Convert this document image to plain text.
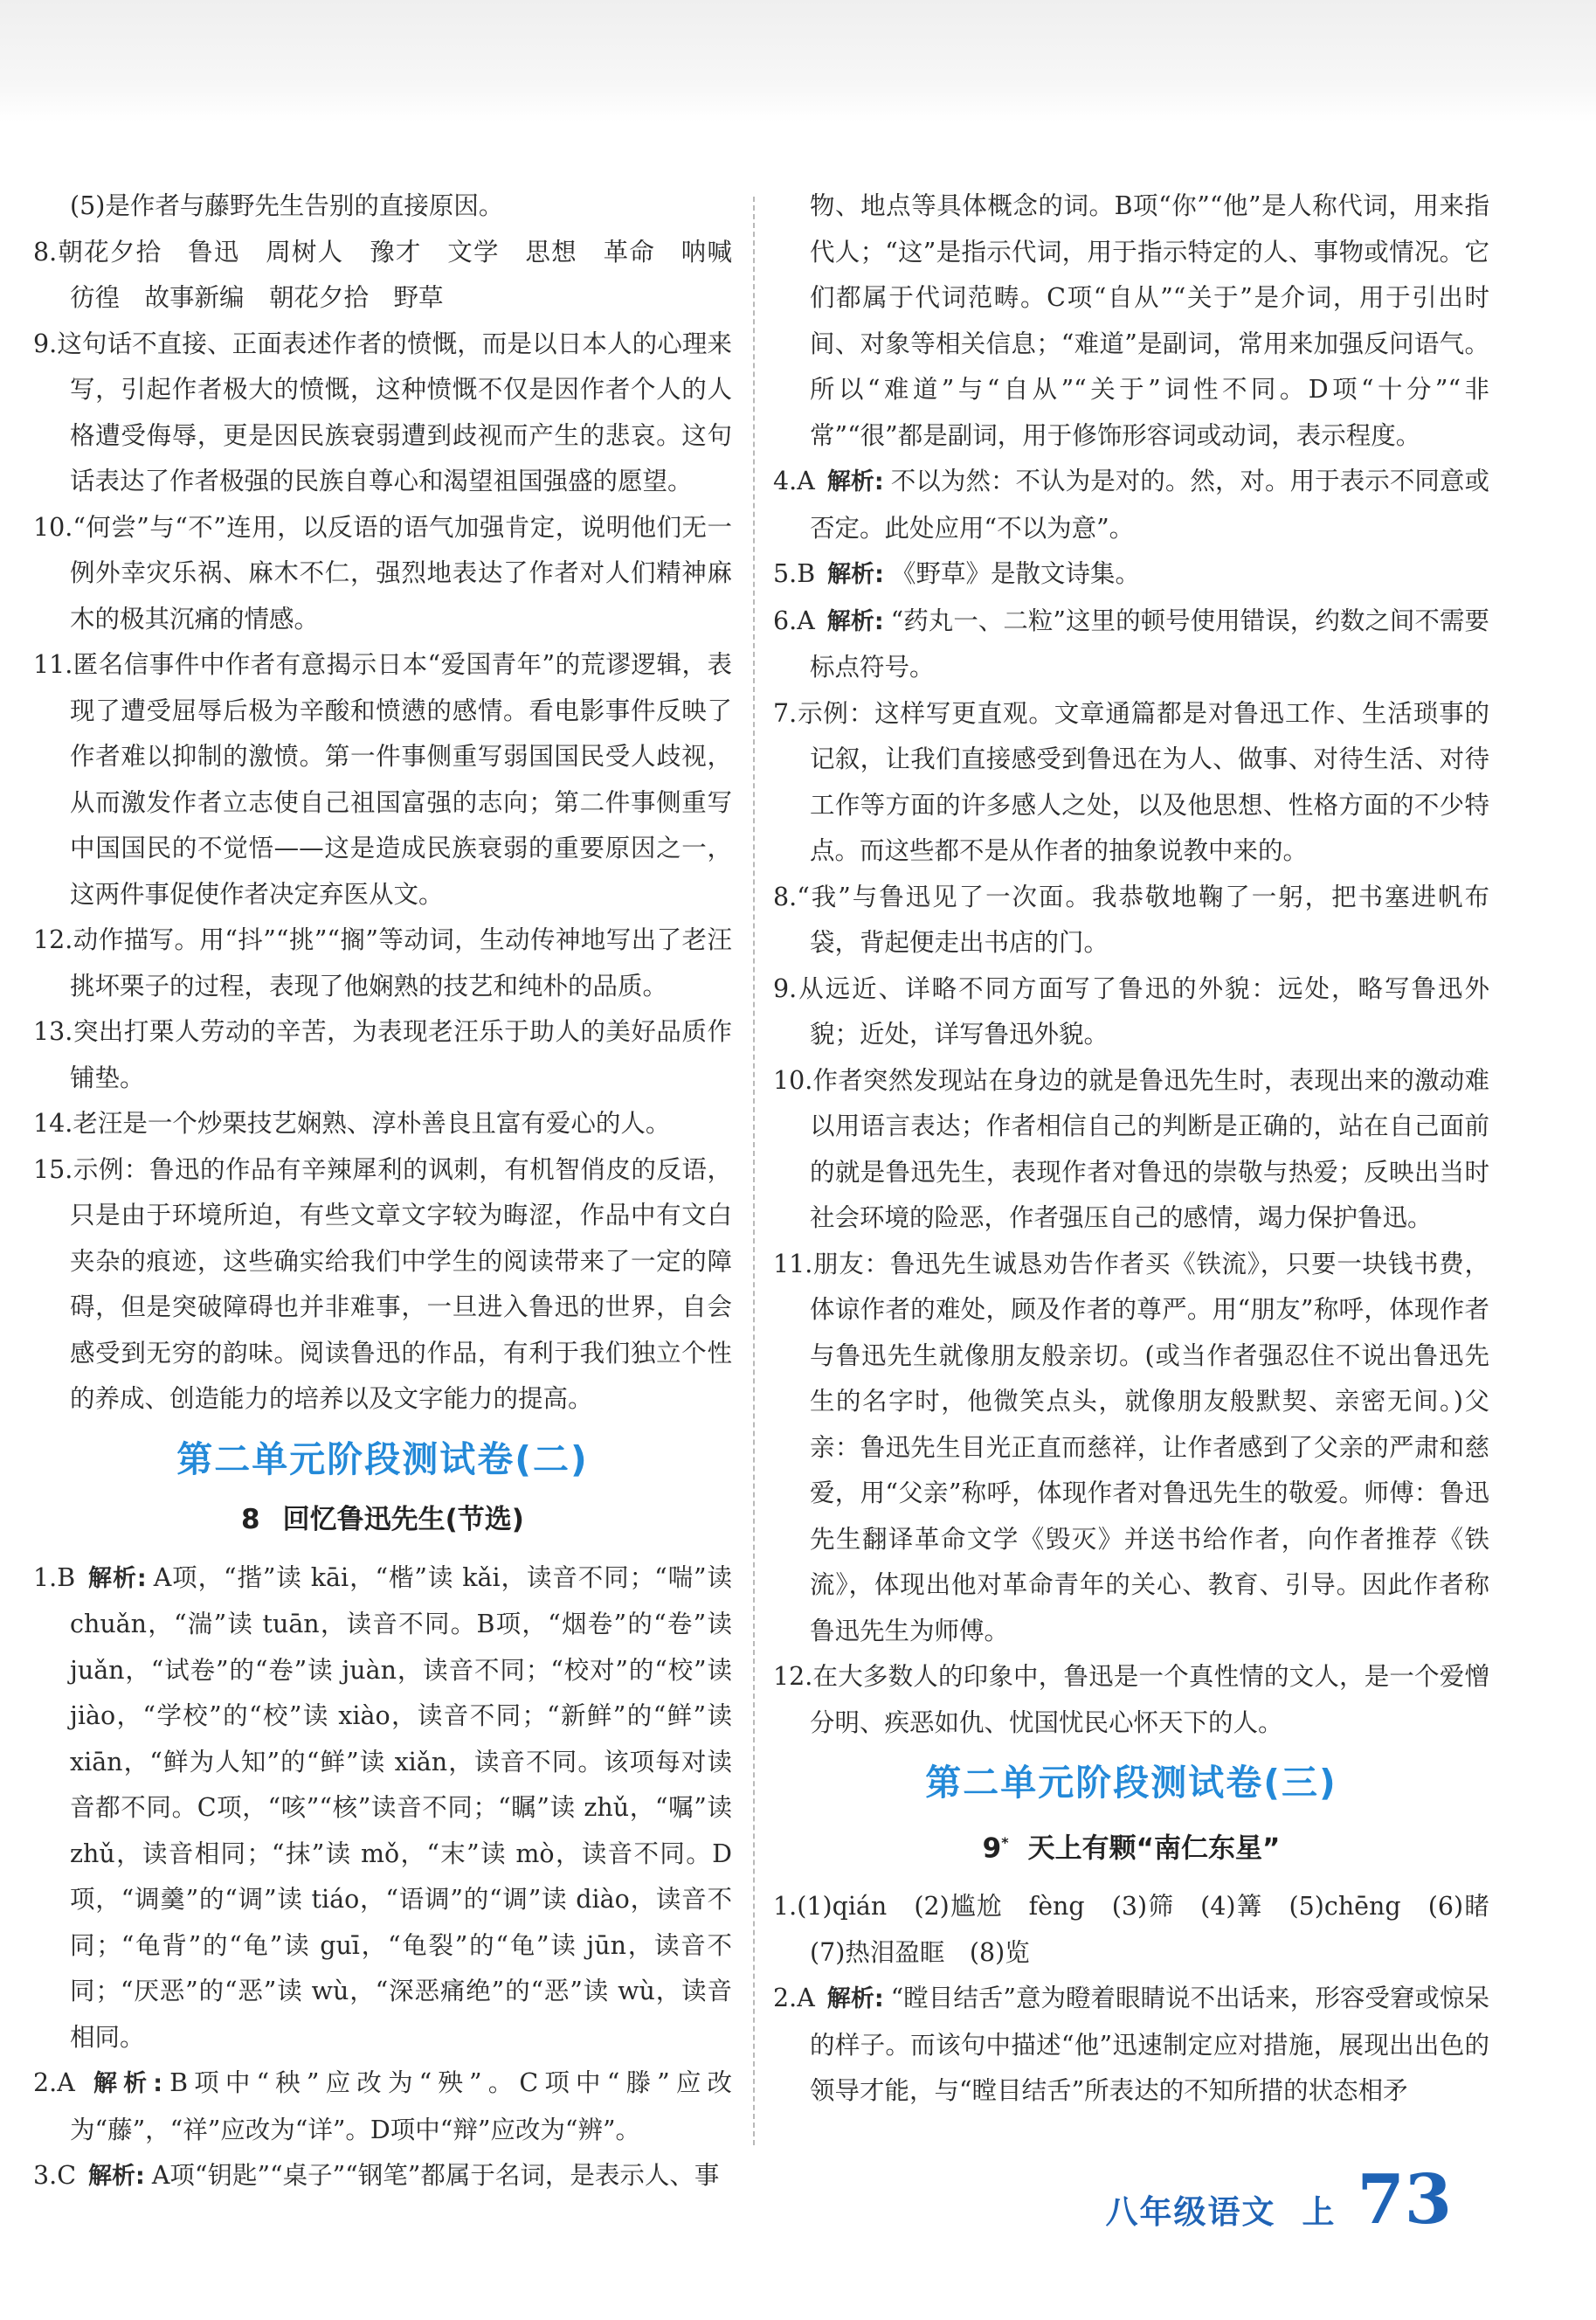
(5)是作者与藤野先生告别的直接原因。

8.朝花夕拾　鲁迅　周树人　豫才　文学　思想　革命　呐喊　彷徨　故事新编　朝花夕拾　野草

9.这句话不直接、正面表述作者的愤慨，而是以日本人的心理来写，引起作者极大的愤慨，这种愤慨不仅是因作者个人的人格遭受侮辱，更是因民族衰弱遭到歧视而产生的悲哀。这句话表达了作者极强的民族自尊心和渴望祖国强盛的愿望。

10.“何尝”与“不”连用，以反语的语气加强肯定，说明他们无一例外幸灾乐祸、麻木不仁，强烈地表达了作者对人们精神麻木的极其沉痛的情感。

11.匿名信事件中作者有意揭示日本“爱国青年”的荒谬逻辑，表现了遭受屈辱后极为辛酸和愤懑的感情。看电影事件反映了作者难以抑制的激愤。第一件事侧重写弱国国民受人歧视，从而激发作者立志使自己祖国富强的志向；第二件事侧重写中国国民的不觉悟——这是造成民族衰弱的重要原因之一，这两件事促使作者决定弃医从文。

12.动作描写。用“抖”“挑”“搁”等动词，生动传神地写出了老汪挑坏栗子的过程，表现了他娴熟的技艺和纯朴的品质。

13.突出打栗人劳动的辛苦，为表现老汪乐于助人的美好品质作铺垫。

14.老汪是一个炒栗技艺娴熟、淳朴善良且富有爱心的人。

15.示例：鲁迅的作品有辛辣犀利的讽刺，有机智俏皮的反语，只是由于环境所迫，有些文章文字较为晦涩，作品中有文白夹杂的痕迹，这些确实给我们中学生的阅读带来了一定的障碍，但是突破障碍也并非难事，一旦进入鲁迅的世界，自会感受到无穷的韵味。阅读鲁迅的作品，有利于我们独立个性的养成、创造能力的培养以及文字能力的提高。

第二单元阶段测试卷(二)
8 回忆鲁迅先生(节选)

1.B 解析: A项，“揩”读 kāi，“楷”读 kǎi，读音不同；“喘”读 chuǎn，“湍”读 tuān，读音不同。B项，“烟卷”的“卷”读 juǎn，“试卷”的“卷”读 juàn，读音不同；“校对”的“校”读 jiào，“学校”的“校”读 xiào，读音不同；“新鲜”的“鲜”读 xiān，“鲜为人知”的“鲜”读 xiǎn，读音不同。该项每对读音都不同。C项，“咳”“核”读音不同；“瞩”读 zhǔ，“嘱”读 zhǔ，读音相同；“抹”读 mǒ，“末”读 mò，读音不同。D项，“调羹”的“调”读 tiáo，“语调”的“调”读 diào，读音不同；“龟背”的“龟”读 guī，“龟裂”的“龟”读 jūn，读音不同；“厌恶”的“恶”读 wù，“深恶痛绝”的“恶”读 wù，读音相同。

2.A 解析: B项中“秧”应改为“殃”。C项中“滕”应改为“藤”，“祥”应改为“详”。D项中“辩”应改为“辨”。

3.C 解析: A项“钥匙”“桌子”“钢笔”都属于名词，是表示人、事

物、地点等具体概念的词。B项“你”“他”是人称代词，用来指代人；“这”是指示代词，用于指示特定的人、事物或情况。它们都属于代词范畴。C项“自从”“关于”是介词，用于引出时间、对象等相关信息；“难道”是副词，常用来加强反问语气。所以“难道”与“自从”“关于”词性不同。D项“十分”“非常”“很”都是副词，用于修饰形容词或动词，表示程度。

4.A 解析: 不以为然：不认为是对的。然，对。用于表示不同意或否定。此处应用“不以为意”。

5.B 解析: 《野草》是散文诗集。

6.A 解析: “药丸一、二粒”这里的顿号使用错误，约数之间不需要标点符号。

7.示例：这样写更直观。文章通篇都是对鲁迅工作、生活琐事的记叙，让我们直接感受到鲁迅在为人、做事、对待生活、对待工作等方面的许多感人之处，以及他思想、性格方面的不少特点。而这些都不是从作者的抽象说教中来的。

8.“我”与鲁迅见了一次面。我恭敬地鞠了一躬，把书塞进帆布袋，背起便走出书店的门。

9.从远近、详略不同方面写了鲁迅的外貌：远处，略写鲁迅外貌；近处，详写鲁迅外貌。

10.作者突然发现站在身边的就是鲁迅先生时，表现出来的激动难以用语言表达；作者相信自己的判断是正确的，站在自己面前的就是鲁迅先生，表现作者对鲁迅的崇敬与热爱；反映出当时社会环境的险恶，作者强压自己的感情，竭力保护鲁迅。

11.朋友：鲁迅先生诚恳劝告作者买《铁流》，只要一块钱书费，体谅作者的难处，顾及作者的尊严。用“朋友”称呼，体现作者与鲁迅先生就像朋友般亲切。(或当作者强忍住不说出鲁迅先生的名字时，他微笑点头，就像朋友般默契、亲密无间。)父亲：鲁迅先生目光正直而慈祥，让作者感到了父亲的严肃和慈爱，用“父亲”称呼，体现作者对鲁迅先生的敬爱。师傅：鲁迅先生翻译革命文学《毁灭》并送书给作者，向作者推荐《铁流》，体现出他对革命青年的关心、教育、引导。因此作者称鲁迅先生为师傅。

12.在大多数人的印象中，鲁迅是一个真性情的文人，是一个爱憎分明、疾恶如仇、忧国忧民心怀天下的人。

第二单元阶段测试卷(三)
9* 天上有颗“南仁东星”

1.(1)qián　(2)尴尬　fèng　(3)筛　(4)篝　(5)chēng　(6)睹　(7)热泪盈眶　(8)览

2.A 解析: “瞠目结舌”意为瞪着眼睛说不出话来，形容受窘或惊呆的样子。而该句中描述“他”迅速制定应对措施，展现出出色的领导才能，与“瞠目结舌”所表达的不知所措的状态相矛

八年级语文 上 73
